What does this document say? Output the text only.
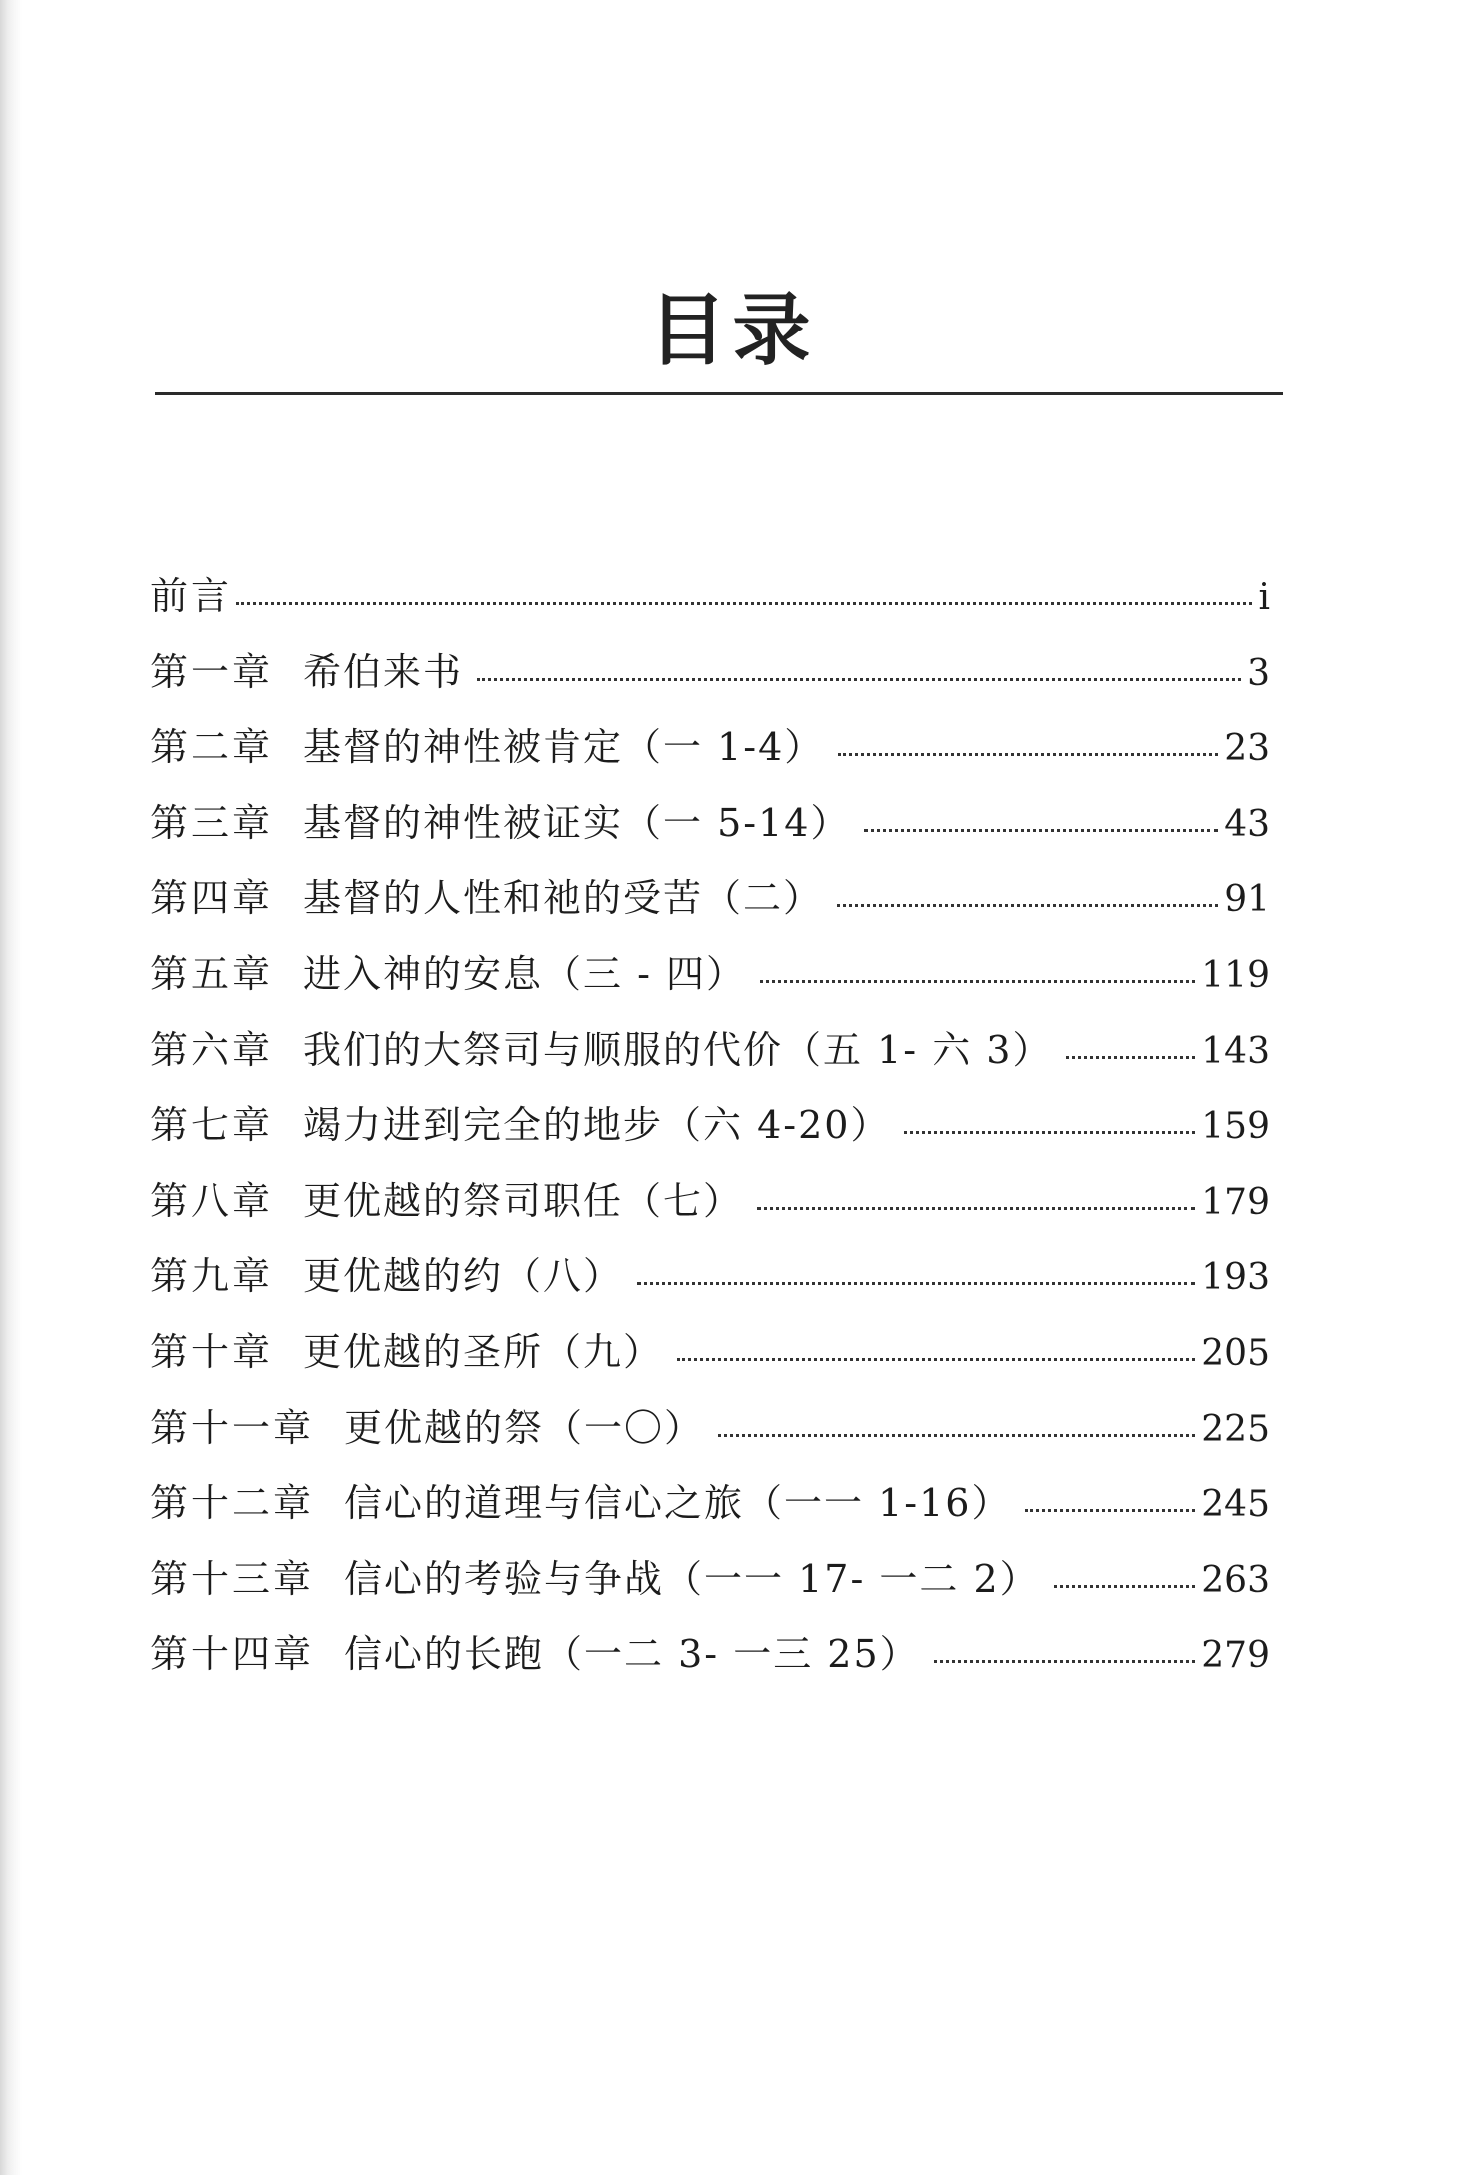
目录
前言	i
第一章 希伯来书	3
第二章 基督的神性被肯定（一 1-4）	23
第三章 基督的神性被证实（一 5-14）	43
第四章 基督的人性和祂的受苦（二）	91
第五章 进入神的安息（三 - 四）	119
第六章 我们的大祭司与顺服的代价（五 1- 六 3）	143
第七章 竭力进到完全的地步（六 4-20）	159
第八章 更优越的祭司职任（七）	179
第九章 更优越的约（八）	193
第十章 更优越的圣所（九）	205
第十一章 更优越的祭（一〇）	225
第十二章 信心的道理与信心之旅（一一 1-16）	245
第十三章 信心的考验与争战（一一 17- 一二 2）	263
第十四章 信心的长跑（一二 3- 一三 25）	279
